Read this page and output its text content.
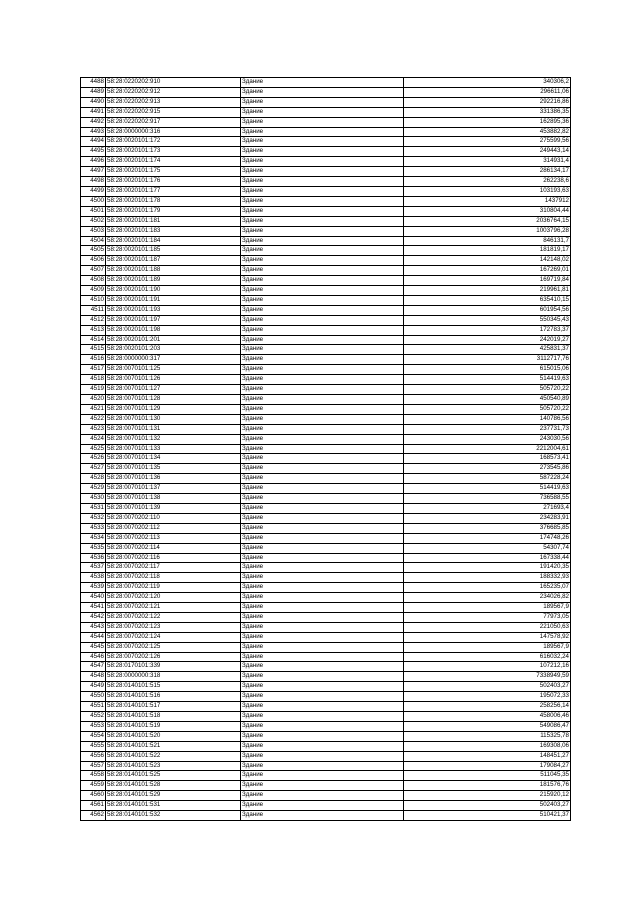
4488	58:28:0220202:910	Здание	340306,2
4489	58:28:0220202:912	Здание	296611,06
4490	58:28:0220202:913	Здание	292216,86
4491	58:28:0220202:915	Здание	331386,35
4492	58:28:0220202:917	Здание	162895,36
4493	58:28:0000000:316	Здание	453882,82
4494	58:28:0020101:172	Здание	275599,56
4495	58:28:0020101:173	Здание	249443,14
4496	58:28:0020101:174	Здание	314931,4
4497	58:28:0020101:175	Здание	286134,17
4498	58:28:0020101:176	Здание	262238,6
4499	58:28:0020101:177	Здание	103193,63
4500	58:28:0020101:178	Здание	1437912
4501	58:28:0020101:179	Здание	310804,44
4502	58:28:0020101:181	Здание	2036764,15
4503	58:28:0020101:183	Здание	1003796,28
4504	58:28:0020101:184	Здание	846131,7
4505	58:28:0020101:185	Здание	181819,17
4506	58:28:0020101:187	Здание	142148,02
4507	58:28:0020101:188	Здание	167269,01
4508	58:28:0020101:189	Здание	169719,84
4509	58:28:0020101:190	Здание	219961,81
4510	58:28:0020101:191	Здание	635410,15
4511	58:28:0020101:193	Здание	601954,56
4512	58:28:0020101:197	Здание	550345,43
4513	58:28:0020101:198	Здание	172783,37
4514	58:28:0020101:201	Здание	242019,27
4515	58:28:0020101:203	Здание	425831,37
4516	58:28:0000000:317	Здание	3112717,76
4517	58:28:0070101:125	Здание	615015,06
4518	58:28:0070101:126	Здание	514419,63
4519	58:28:0070101:127	Здание	505720,22
4520	58:28:0070101:128	Здание	450540,89
4521	58:28:0070101:129	Здание	505720,22
4522	58:28:0070101:130	Здание	140786,56
4523	58:28:0070101:131	Здание	237731,73
4524	58:28:0070101:132	Здание	243030,56
4525	58:28:0070101:133	Здание	2212004,61
4526	58:28:0070101:134	Здание	168573,41
4527	58:28:0070101:135	Здание	273545,86
4528	58:28:0070101:136	Здание	587228,24
4529	58:28:0070101:137	Здание	514419,63
4530	58:28:0070101:138	Здание	736588,55
4531	58:28:0070101:139	Здание	271693,4
4532	58:28:0070202:110	Здание	234283,91
4533	58:28:0070202:112	Здание	376685,85
4534	58:28:0070202:113	Здание	174748,26
4535	58:28:0070202:114	Здание	54307,74
4536	58:28:0070202:116	Здание	167338,44
4537	58:28:0070202:117	Здание	191420,35
4538	58:28:0070202:118	Здание	188332,93
4539	58:28:0070202:119	Здание	165235,07
4540	58:28:0070202:120	Здание	234026,82
4541	58:28:0070202:121	Здание	189567,9
4542	58:28:0070202:122	Здание	77973,05
4543	58:28:0070202:123	Здание	221050,63
4544	58:28:0070202:124	Здание	147578,92
4545	58:28:0070202:125	Здание	189567,9
4546	58:28:0070202:126	Здание	616032,24
4547	58:28:0170101:339	Здание	107212,16
4548	58:28:0000000:318	Здание	7338949,59
4549	58:28:0140101:515	Здание	502403,27
4550	58:28:0140101:516	Здание	195072,33
4551	58:28:0140101:517	Здание	258256,14
4552	58:28:0140101:518	Здание	458006,46
4553	58:28:0140101:519	Здание	549086,47
4554	58:28:0140101:520	Здание	115325,78
4555	58:28:0140101:521	Здание	169308,06
4556	58:28:0140101:522	Здание	148451,27
4557	58:28:0140101:523	Здание	179084,27
4558	58:28:0140101:525	Здание	511045,35
4559	58:28:0140101:528	Здание	181576,76
4560	58:28:0140101:529	Здание	215920,12
4561	58:28:0140101:531	Здание	502403,27
4562	58:28:0140101:532	Здание	510421,37
